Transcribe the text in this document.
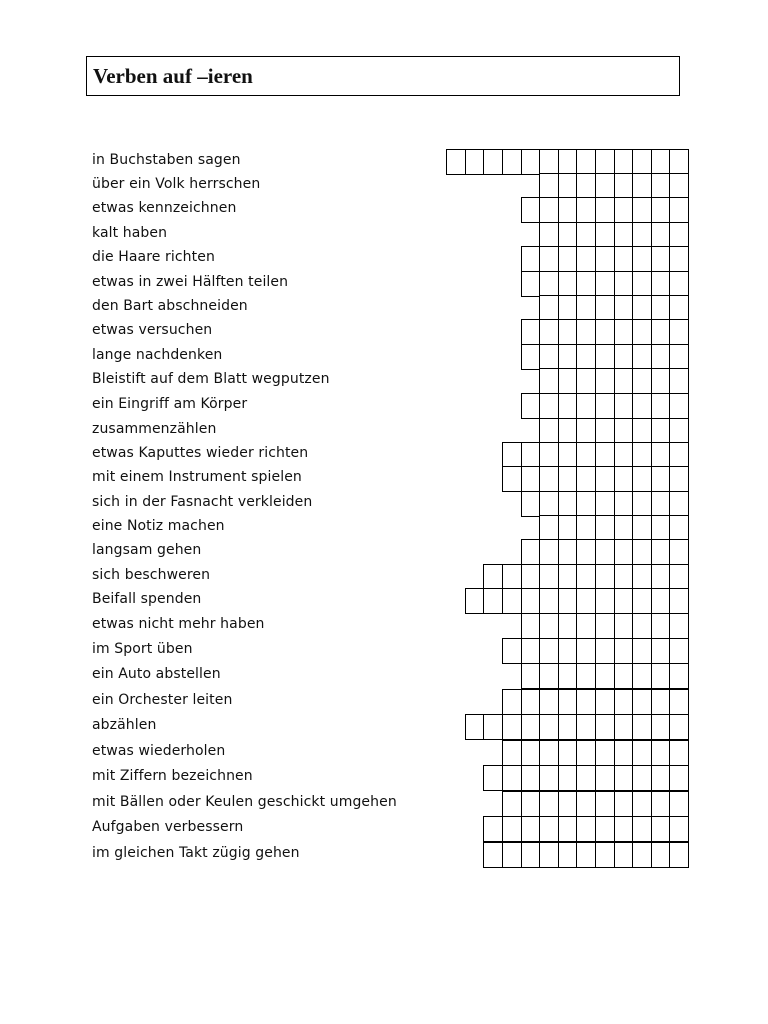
Verben auf –ieren
in Buchstaben sagen
über ein Volk herrschen
etwas kennzeichnen
kalt haben
die Haare richten
etwas in zwei Hälften teilen
den Bart abschneiden
etwas versuchen
lange nachdenken
Bleistift auf dem Blatt wegputzen
ein Eingriff am Körper
zusammenzählen
etwas Kaputtes wieder richten
mit einem Instrument spielen
sich in der Fasnacht verkleiden
eine Notiz machen
langsam gehen
sich beschweren
Beifall spenden
etwas nicht mehr haben
im Sport üben
ein Auto abstellen
ein Orchester leiten
abzählen
etwas wiederholen
mit Ziffern bezeichnen
mit Bällen oder Keulen geschickt umgehen
Aufgaben verbessern
im gleichen Takt zügig gehen
